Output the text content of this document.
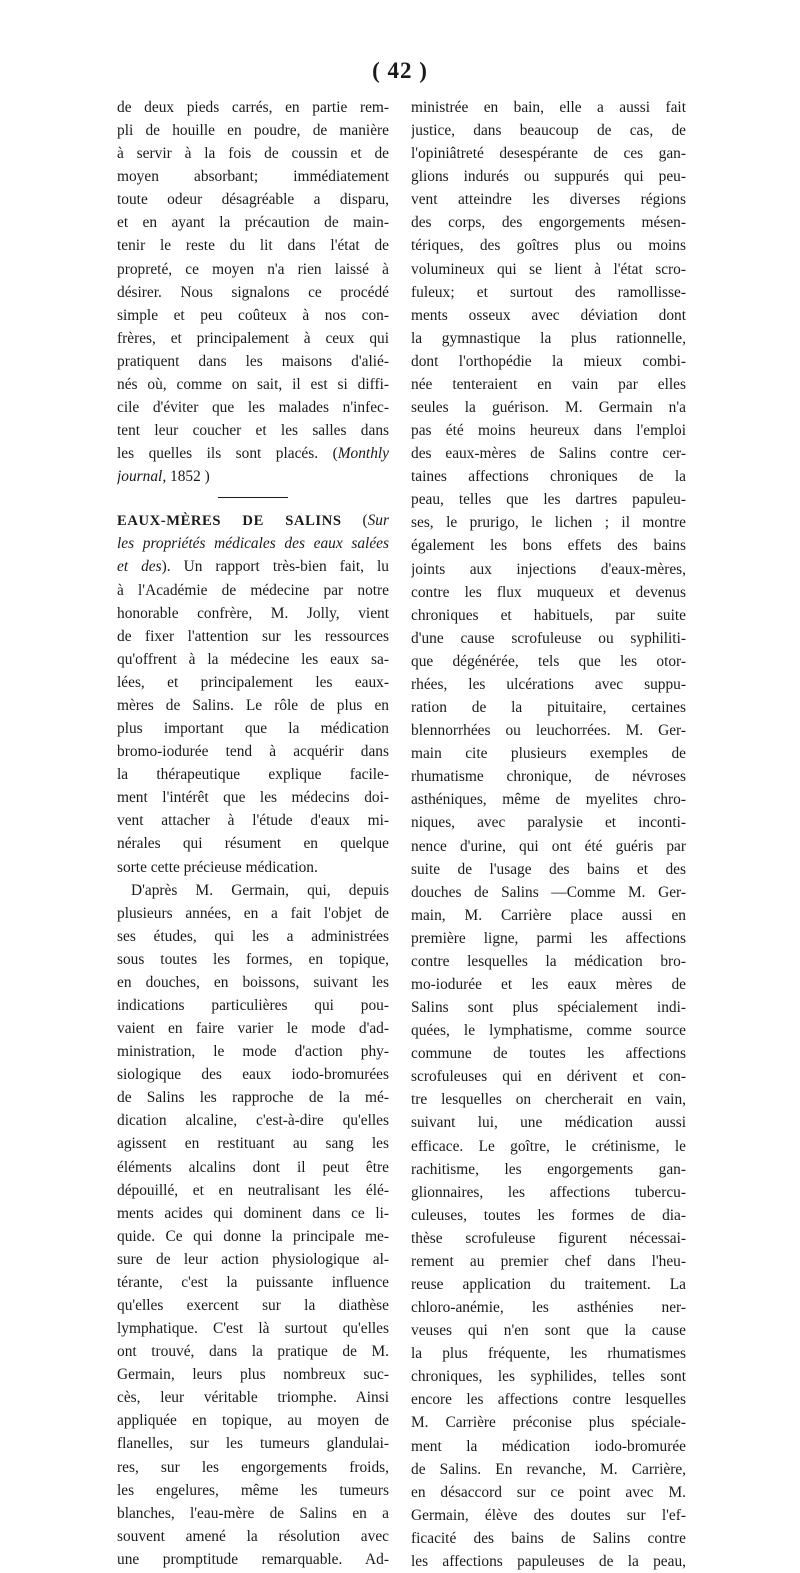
( 42 )
de deux pieds carrés, en partie rem-
pli de houille en poudre, de manière
à servir à la fois de coussin et de
moyen absorbant; immédiatement
toute odeur désagréable a disparu,
et en ayant la précaution de main-
tenir le reste du lit dans l'état de
propreté, ce moyen n'a rien laissé à
désirer. Nous signalons ce procédé
simple et peu coûteux à nos con-
frères, et principalement à ceux qui
pratiquent dans les maisons d'alié-
nés où, comme on sait, il est si diffi-
cile d'éviter que les malades n'infec-
tent leur coucher et les salles dans
les quelles ils sont placés. (Monthly
journal, 1852 )
EAUX-MÈRES DE SALINS (Sur
les propriétés médicales des eaux salées
et des). Un rapport très-bien fait, lu
à l'Académie de médecine par notre
honorable confrère, M. Jolly, vient
de fixer l'attention sur les ressources
qu'offrent à la médecine les eaux sa-
lées, et principalement les eaux-
mères de Salins. Le rôle de plus en
plus important que la médication
bromo-iodurée tend à acquérir dans
la thérapeutique explique facile-
ment l'intérêt que les médecins doi-
vent attacher à l'étude d'eaux mi-
nérales qui résument en quelque
sorte cette précieuse médication.
D'après M. Germain, qui, depuis
plusieurs années, en a fait l'objet de
ses études, qui les a administrées
sous toutes les formes, en topique,
en douches, en boissons, suivant les
indications particulières qui pou-
vaient en faire varier le mode d'ad-
ministration, le mode d'action phy-
siologique des eaux iodo-bromurées
de Salins les rapproche de la mé-
dication alcaline, c'est-à-dire qu'elles
agissent en restituant au sang les
éléments alcalins dont il peut être
dépouillé, et en neutralisant les élé-
ments acides qui dominent dans ce li-
quide. Ce qui donne la principale me-
sure de leur action physiologique al-
térante, c'est la puissante influence
qu'elles exercent sur la diathèse
lymphatique. C'est là surtout qu'elles
ont trouvé, dans la pratique de M.
Germain, leurs plus nombreux suc-
cès, leur véritable triomphe. Ainsi
appliquée en topique, au moyen de
flanelles, sur les tumeurs glandulai-
res, sur les engorgements froids,
les engelures, même les tumeurs
blanches, l'eau-mère de Salins en a
souvent amené la résolution avec
une promptitude remarquable. Ad-
ministrée en bain, elle a aussi fait
justice, dans beaucoup de cas, de
l'opiniâtreté desespérante de ces gan-
glions indurés ou suppurés qui peu-
vent atteindre les diverses régions
des corps, des engorgements mésen-
tériques, des goîtres plus ou moins
volumineux qui se lient à l'état scro-
fuleux; et surtout des ramollisse-
ments osseux avec déviation dont
la gymnastique la plus rationnelle,
dont l'orthopédie la mieux combi-
née tenteraient en vain par elles
seules la guérison. M. Germain n'a
pas été moins heureux dans l'emploi
des eaux-mères de Salins contre cer-
taines affections chroniques de la
peau, telles que les dartres papuleu-
ses, le prurigo, le lichen ; il montre
également les bons effets des bains
joints aux injections d'eaux-mères,
contre les flux muqueux et devenus
chroniques et habituels, par suite
d'une cause scrofuleuse ou syphiliti-
que dégénérée, tels que les otor-
rhées, les ulcérations avec suppu-
ration de la pituitaire, certaines
blennorrhées ou leuchorrées. M. Ger-
main cite plusieurs exemples de
rhumatisme chronique, de névroses
asthéniques, même de myelites chro-
niques, avec paralysie et inconti-
nence d'urine, qui ont été guéris par
suite de l'usage des bains et des
douches de Salins —Comme M. Ger-
main, M. Carrière place aussi en
première ligne, parmi les affections
contre lesquelles la médication bro-
mo-iodurée et les eaux mères de
Salins sont plus spécialement indi-
quées, le lymphatisme, comme source
commune de toutes les affections
scrofuleuses qui en dérivent et con-
tre lesquelles on chercherait en vain,
suivant lui, une médication aussi
efficace. Le goître, le crétinisme, le
rachitisme, les engorgements gan-
glionnaires, les affections tubercu-
culeuses, toutes les formes de dia-
thèse scrofuleuse figurent nécessai-
rement au premier chef dans l'heu-
reuse application du traitement. La
chloro-anémie, les asthénies ner-
veuses qui n'en sont que la cause
la plus fréquente, les rhumatismes
chroniques, les syphilides, telles sont
encore les affections contre lesquelles
M. Carrière préconise plus spéciale-
ment la médication iodo-bromurée
de Salins. En revanche, M. Carrière,
en désaccord sur ce point avec M.
Germain, élève des doutes sur l'ef-
ficacité des bains de Salins contre
les affections papuleuses de la peau,
